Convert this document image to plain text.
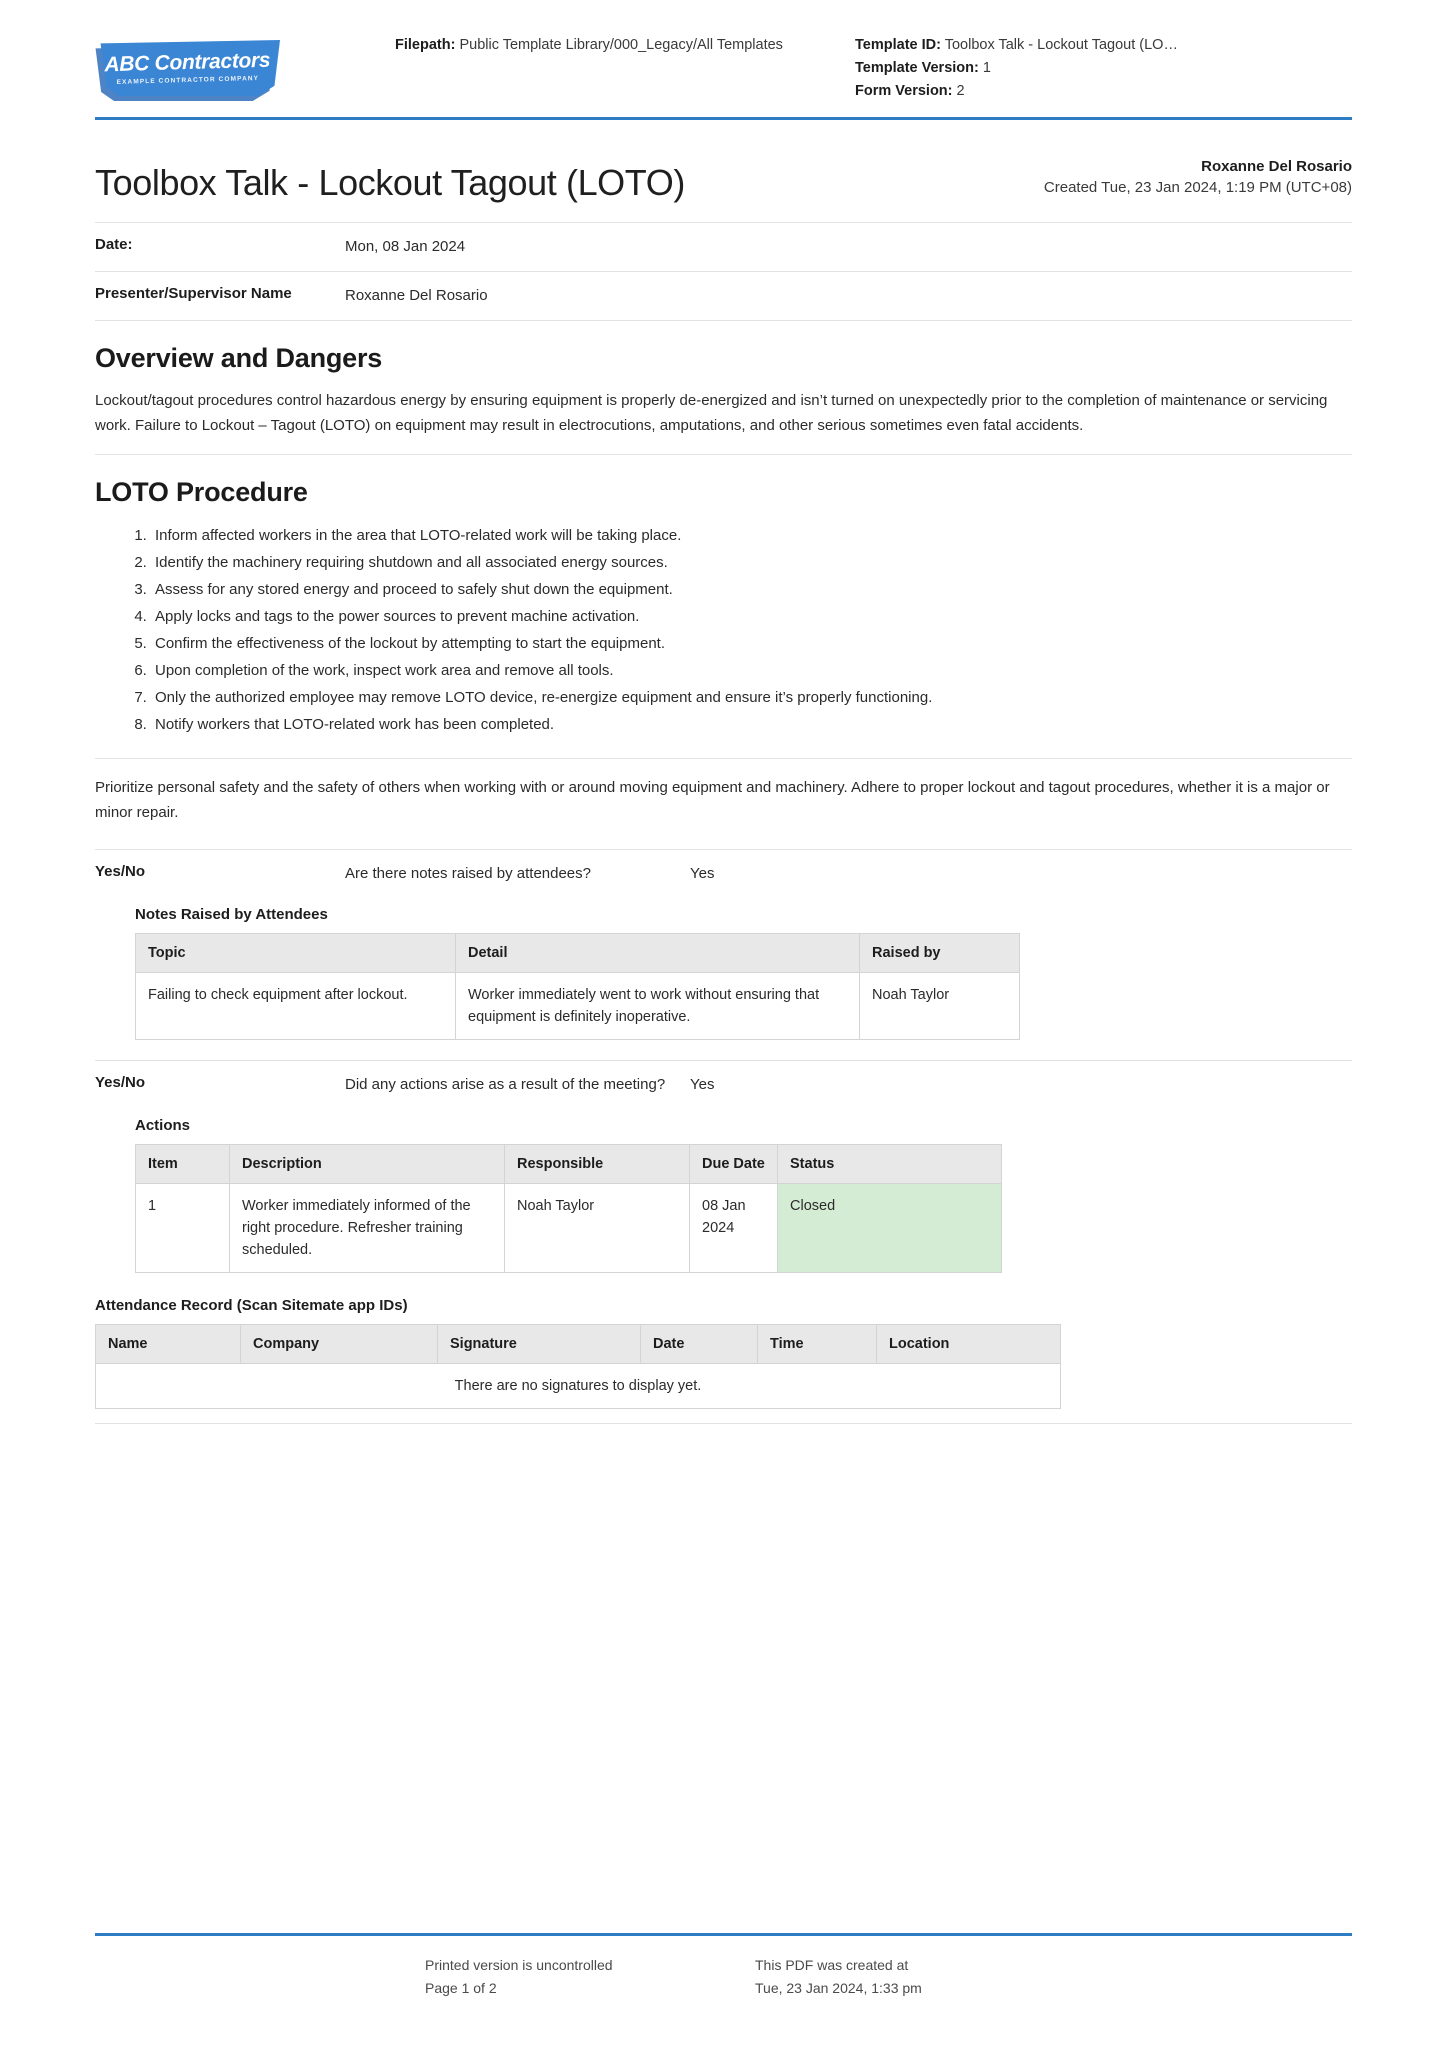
ABC Contractors
EXAMPLE CONTRACTOR COMPANY
Filepath: Public Template Library/000_Legacy/All Templates	Template ID: Toolbox Talk - Lockout Tagout (LO…
Template Version: 1
Form Version: 2
Toolbox Talk - Lockout Tagout (LOTO)	Roxanne Del Rosario
Created Tue, 23 Jan 2024, 1:19 PM (UTC+08)
Date:	Mon, 08 Jan 2024
Presenter/Supervisor Name	Roxanne Del Rosario
Overview and Dangers

Lockout/tagout procedures control hazardous energy by ensuring equipment is properly de-energized and isn’t turned on unexpectedly prior to the completion of maintenance or servicing work. Failure to Lockout – Tagout (LOTO) on equipment may result in electrocutions, amputations, and other serious sometimes even fatal accidents.

LOTO Procedure
1. Inform affected workers in the area that LOTO-related work will be taking place.
2. Identify the machinery requiring shutdown and all associated energy sources.
3. Assess for any stored energy and proceed to safely shut down the equipment.
4. Apply locks and tags to the power sources to prevent machine activation.
5. Confirm the effectiveness of the lockout by attempting to start the equipment.
6. Upon completion of the work, inspect work area and remove all tools.
7. Only the authorized employee may remove LOTO device, re-energize equipment and ensure it’s properly functioning.
8. Notify workers that LOTO-related work has been completed.

Prioritize personal safety and the safety of others when working with or around moving equipment and machinery. Adhere to proper lockout and tagout procedures, whether it is a major or minor repair.

Yes/No	Are there notes raised by attendees?	Yes
Notes Raised by Attendees
Topic	Detail	Raised by
Failing to check equipment after lockout.	Worker immediately went to work without ensuring that equipment is definitely inoperative.	Noah Taylor
Yes/No	Did any actions arise as a result of the meeting?	Yes
Actions
Item	Description	Responsible	Due Date	Status
1	Worker immediately informed of the right procedure. Refresher training scheduled.	Noah Taylor	08 Jan 2024	Closed
Attendance Record (Scan Sitemate app IDs)
Name	Company	Signature	Date	Time	Location
There are no signatures to display yet.
Printed version is uncontrolled
Page 1 of 2
This PDF was created at
Tue, 23 Jan 2024, 1:33 pm
